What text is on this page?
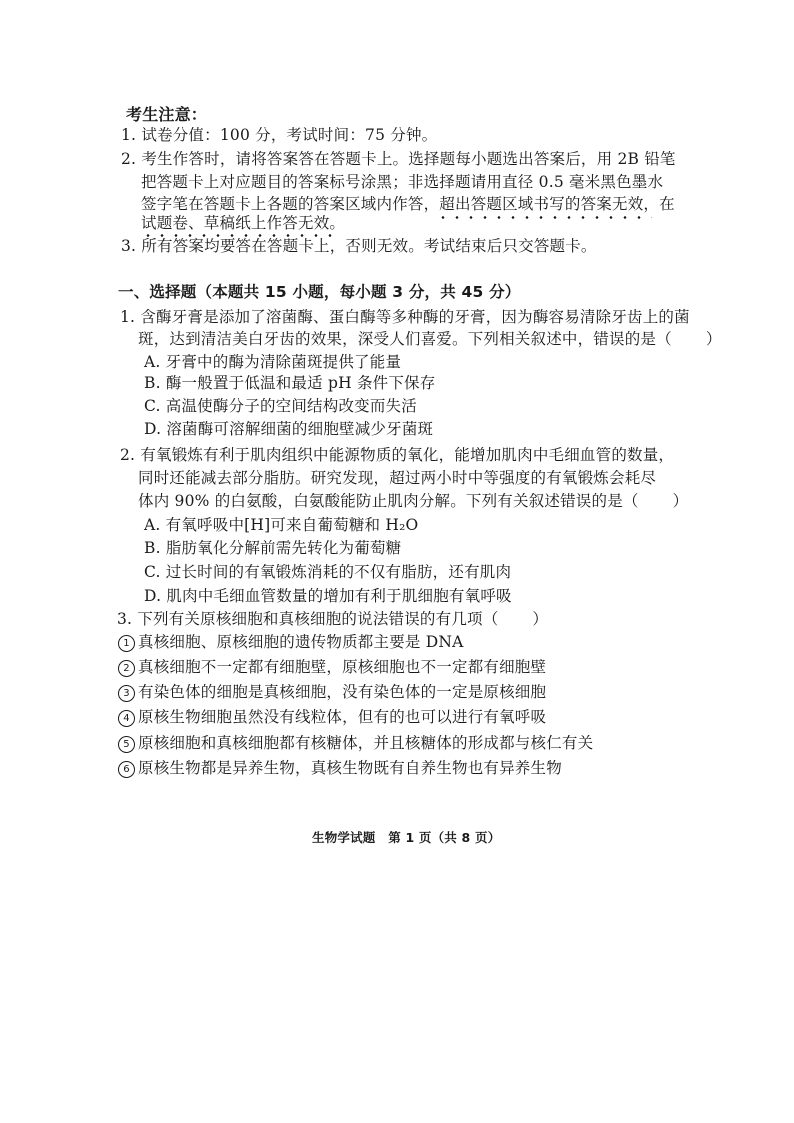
考生注意：
1. 试卷分值：100 分，考试时间：75 分钟。
2. 考生作答时，请将答案答在答题卡上。选择题每小题选出答案后，用 2B 铅笔
把答题卡上对应题目的答案标号涂黑；非选择题请用直径 0.5 毫米黑色墨水
签字笔在答题卡上各题的答案区域内作答，超出答题区域书写的答案无效，在
试题卷、草稿纸上作答无效。
3. 所有答案均要答在答题卡上，否则无效。考试结束后只交答题卡。
一、选择题（本题共 15 小题，每小题 3 分，共 45 分）
1. 含酶牙膏是添加了溶菌酶、蛋白酶等多种酶的牙膏，因为酶容易清除牙齿上的菌
斑，达到清洁美白牙齿的效果，深受人们喜爱。下列相关叙述中，错误的是（ ）
A. 牙膏中的酶为清除菌斑提供了能量
B. 酶一般置于低温和最适 pH 条件下保存
C. 高温使酶分子的空间结构改变而失活
D. 溶菌酶可溶解细菌的细胞壁减少牙菌斑
2. 有氧锻炼有利于肌肉组织中能源物质的氧化，能增加肌肉中毛细血管的数量，
同时还能减去部分脂肪。研究发现，超过两小时中等强度的有氧锻炼会耗尽
体内 90% 的白氨酸，白氨酸能防止肌肉分解。下列有关叙述错误的是（ ）
A. 有氧呼吸中[H]可来自葡萄糖和 H₂O
B. 脂肪氧化分解前需先转化为葡萄糖
C. 过长时间的有氧锻炼消耗的不仅有脂肪，还有肌肉
D. 肌肉中毛细血管数量的增加有利于肌细胞有氧呼吸
3. 下列有关原核细胞和真核细胞的说法错误的有几项（ ）
1 真核细胞、原核细胞的遗传物质都主要是 DNA
2 真核细胞不一定都有细胞壁，原核细胞也不一定都有细胞壁
3 有染色体的细胞是真核细胞，没有染色体的一定是原核细胞
4 原核生物细胞虽然没有线粒体，但有的也可以进行有氧呼吸
5 原核细胞和真核细胞都有核糖体，并且核糖体的形成都与核仁有关
6 原核生物都是异养生物，真核生物既有自养生物也有异养生物
生物学试题　第 1 页（共 8 页）
